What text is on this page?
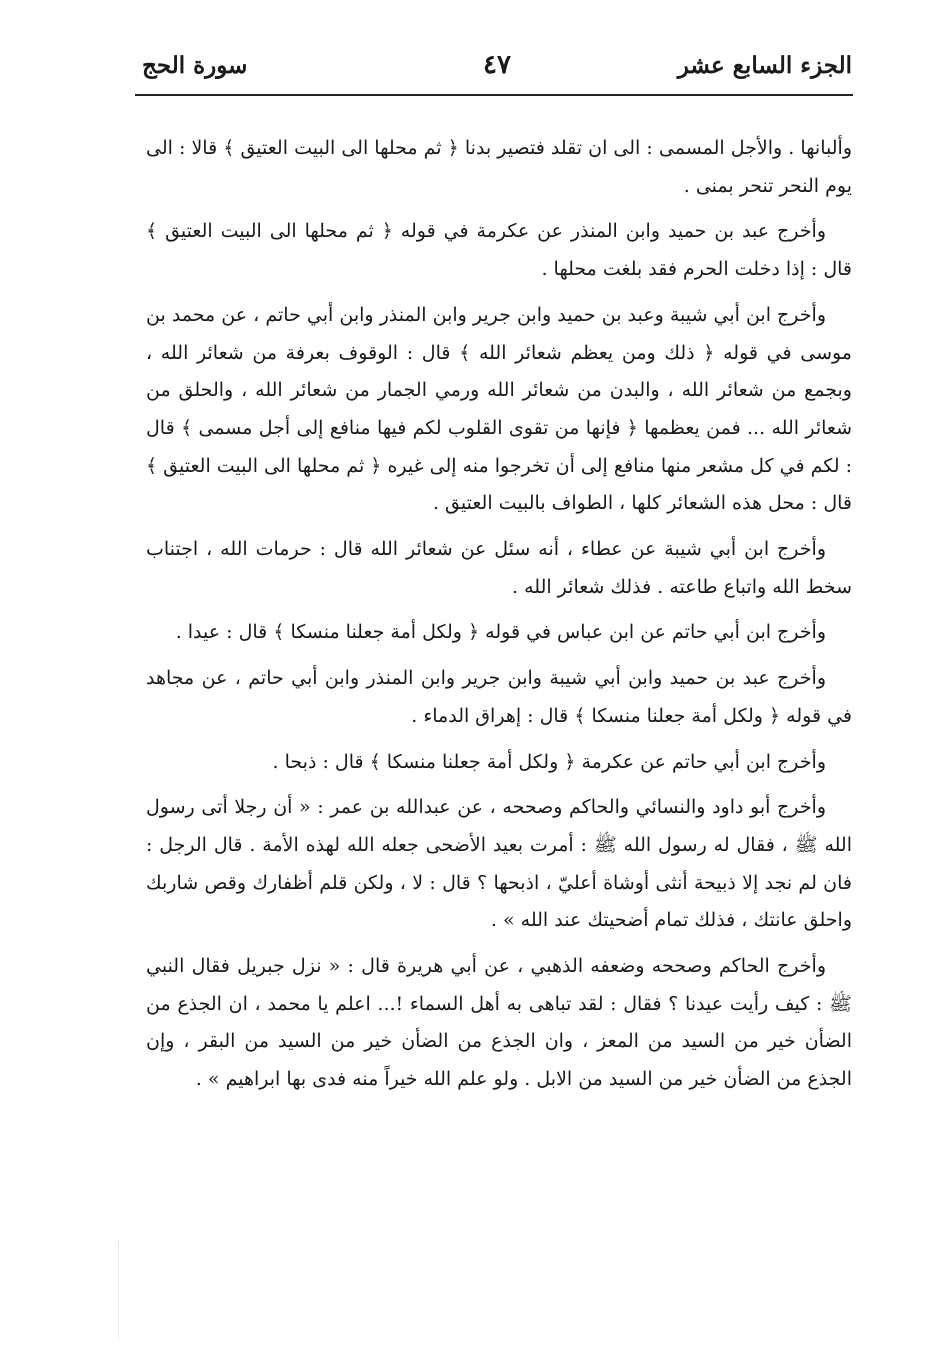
الجزء السابع عشر
٤٧
سورة الحج

وألبانها . والأجل المسمى : الى ان تقلد فتصير بدنا ﴿ ثم محلها الى البيت العتيق ﴾ قالا : الى يوم النحر تنحر بمنى .

وأخرج عبد بن حميد وابن المنذر عن عكرمة في قوله ﴿ ثم محلها الى البيت العتيق ﴾ قال : إذا دخلت الحرم فقد بلغت محلها .

وأخرج ابن أبي شيبة وعبد بن حميد وابن جرير وابن المنذر وابن أبي حاتم ، عن محمد بن موسى في قوله ﴿ ذلك ومن يعظم شعائر الله ﴾ قال : الوقوف بعرفة من شعائر الله ، وبجمع من شعائر الله ، والبدن من شعائر الله ورمي الجمار من شعائر الله ، والحلق من شعائر الله ... فمن يعظمها ﴿ فإنها من تقوى القلوب لكم فيها منافع إلى أجل مسمى ﴾ قال : لكم في كل مشعر منها منافع إلى أن تخرجوا منه إلى غيره ﴿ ثم محلها الى البيت العتيق ﴾ قال : محل هذه الشعائر كلها ، الطواف بالبيت العتيق .

وأخرج ابن أبي شيبة عن عطاء ، أنه سئل عن شعائر الله قال : حرمات الله ، اجتناب سخط الله واتباع طاعته . فذلك شعائر الله .

وأخرج ابن أبي حاتم عن ابن عباس في قوله ﴿ ولكل أمة جعلنا منسكا ﴾ قال : عيدا .

وأخرج عبد بن حميد وابن أبي شيبة وابن جرير وابن المنذر وابن أبي حاتم ، عن مجاهد في قوله ﴿ ولكل أمة جعلنا منسكا ﴾ قال : إهراق الدماء .

وأخرج ابن أبي حاتم عن عكرمة ﴿ ولكل أمة جعلنا منسكا ﴾ قال : ذبحا .

وأخرج أبو داود والنسائي والحاكم وصححه ، عن عبدالله بن عمر : « أن رجلا أتى رسول الله ﷺ ، فقال له رسول الله ﷺ : أمرت بعيد الأضحى جعله الله لهذه الأمة . قال الرجل : فان لم نجد إلا ذبيحة أنثى أوشاة أعليّ ، اذبحها ؟ قال : لا ، ولكن قلم أظفارك وقص شاربك واحلق عانتك ، فذلك تمام أضحيتك عند الله » .

وأخرج الحاكم وصححه وضعفه الذهبي ، عن أبي هريرة قال : « نزل جبريل فقال النبي ﷺ : كيف رأيت عيدنا ؟ فقال : لقد تباهى به أهل السماء !... اعلم يا محمد ، ان الجذع من الضأن خير من السيد من المعز ، وان الجذع من الضأن خير من السيد من البقر ، وإن الجذع من الضأن خير من السيد من الابل . ولو علم الله خيراً منه فدى بها ابراهيم » .
